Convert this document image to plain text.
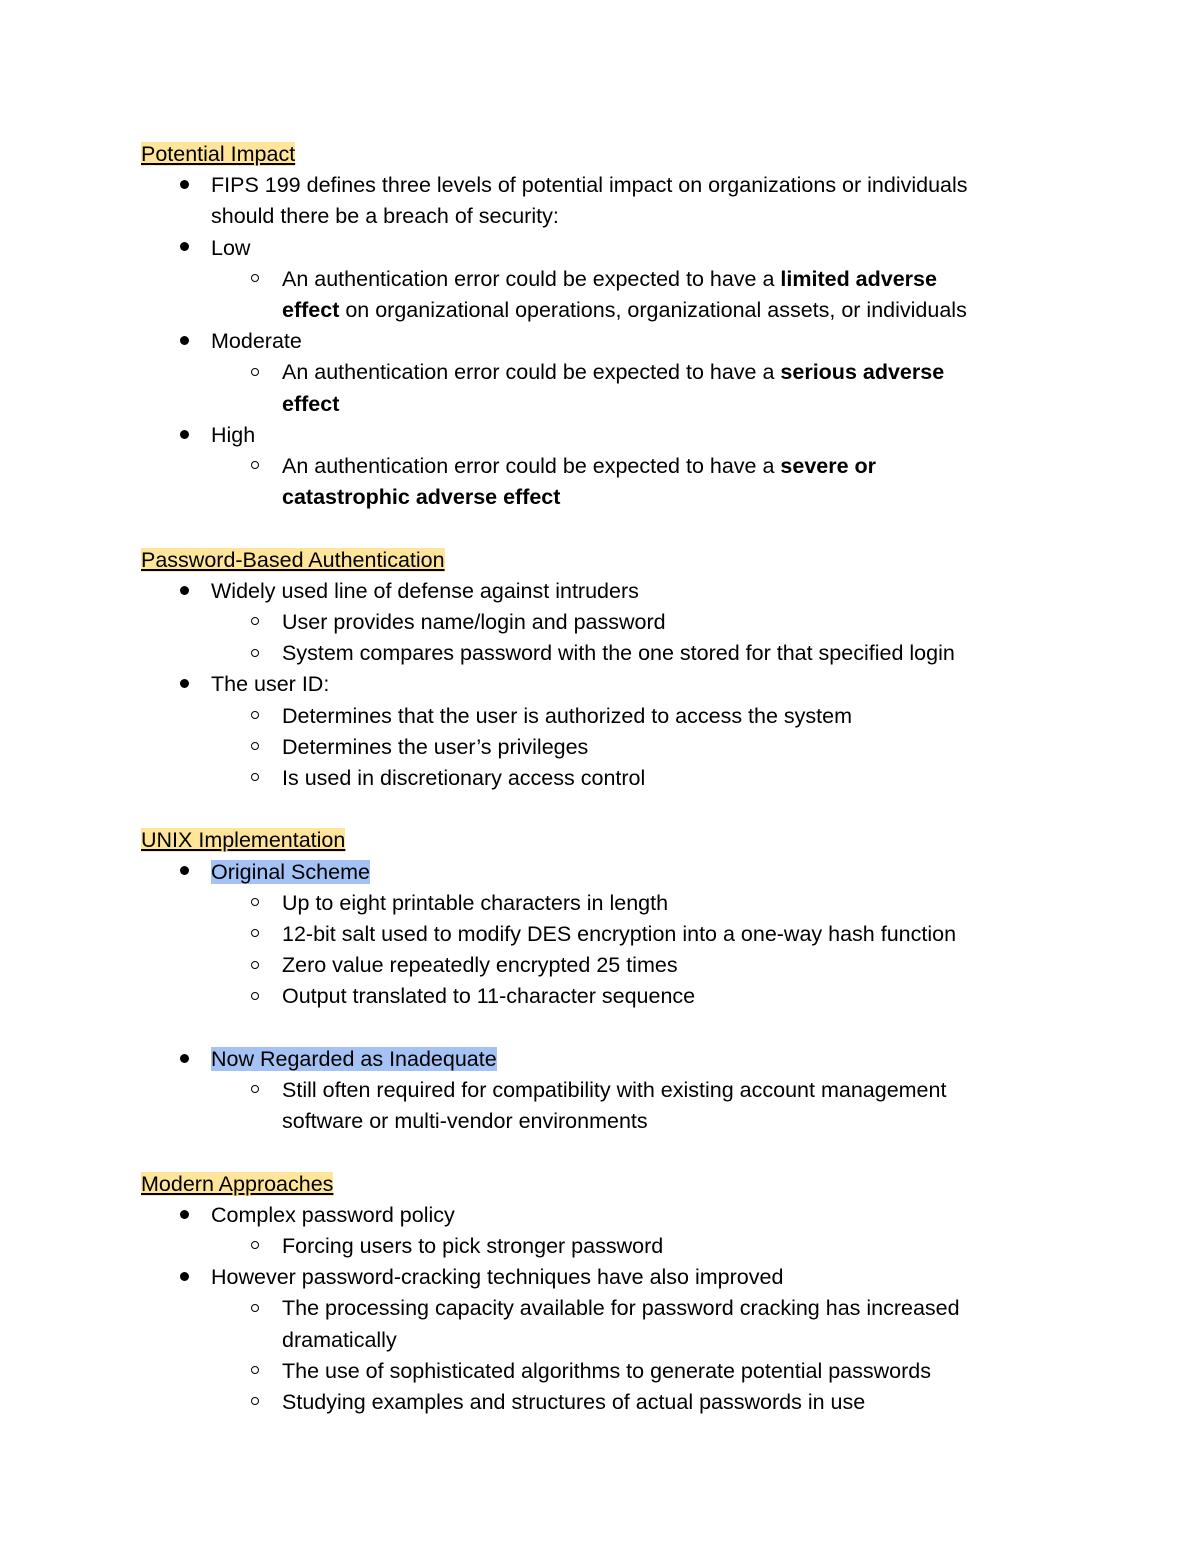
Potential Impact
FIPS 199 defines three levels of potential impact on organizations or individuals
should there be a breach of security:
Low
An authentication error could be expected to have a limited adverse
effect on organizational operations, organizational assets, or individuals
Moderate
An authentication error could be expected to have a serious adverse
effect
High
An authentication error could be expected to have a severe or
catastrophic adverse effect
Password-Based Authentication
Widely used line of defense against intruders
User provides name/login and password
System compares password with the one stored for that specified login
The user ID:
Determines that the user is authorized to access the system
Determines the user’s privileges
Is used in discretionary access control
UNIX Implementation
Original Scheme
Up to eight printable characters in length
12-bit salt used to modify DES encryption into a one-way hash function
Zero value repeatedly encrypted 25 times
Output translated to 11-character sequence
Now Regarded as Inadequate
Still often required for compatibility with existing account management
software or multi-vendor environments
Modern Approaches
Complex password policy
Forcing users to pick stronger password
However password-cracking techniques have also improved
The processing capacity available for password cracking has increased
dramatically
The use of sophisticated algorithms to generate potential passwords
Studying examples and structures of actual passwords in use
